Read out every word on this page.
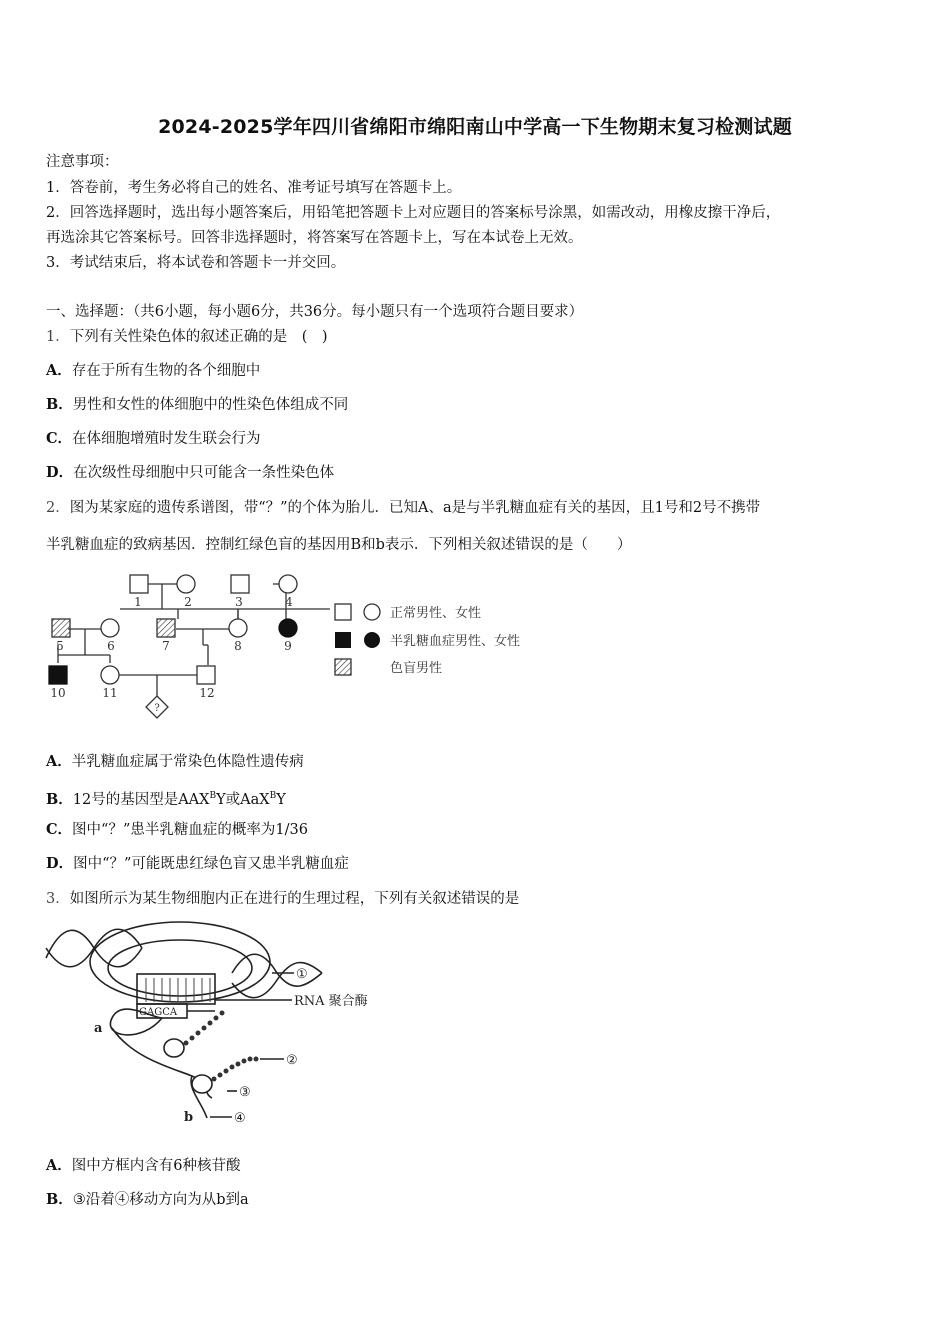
2024-2025学年四川省绵阳市绵阳南山中学高一下生物期末复习检测试题
注意事项：
1．答卷前，考生务必将自己的姓名、准考证号填写在答题卡上。
2．回答选择题时，选出每小题答案后，用铅笔把答题卡上对应题目的答案标号涂黑，如需改动，用橡皮擦干净后，
再选涂其它答案标号。回答非选择题时，将答案写在答题卡上，写在本试卷上无效。
3．考试结束后，将本试卷和答题卡一并交回。
一、选择题：（共6小题，每小题6分，共36分。每小题只有一个选项符合题目要求）
1．下列有关性染色体的叙述正确的是　(　)
A．存在于所有生物的各个细胞中
B．男性和女性的体细胞中的性染色体组成不同
C．在体细胞增殖时发生联会行为
D．在次级性母细胞中只可能含一条性染色体
2．图为某家庭的遗传系谱图，带“？”的个体为胎儿．已知A、a是与半乳糖血症有关的基因，且1号和2号不携带
半乳糖血症的致病基因．控制红绿色盲的基因用B和b表示．下列相关叙述错误的是（　　）
?
1	2	3	4
5	6	7	8	9
10	11	12
正常男性、女性
半乳糖血症男性、女性
色盲男性
A．半乳糖血症属于常染色体隐性遗传病
B．12号的基因型是$AAX^BY$或AaX$^B$Y
C．图中“？”患半乳糖血症的概率为1/36
D．图中“？”可能既患红绿色盲又患半乳糖血症
3．如图所示为某生物细胞内正在进行的生理过程，下列有关叙述错误的是
GAGCA
①
RNA 聚合酶
②
③
④
a
b
A．图中方框内含有6种核苷酸
B．③沿着④移动方向为从b到a
